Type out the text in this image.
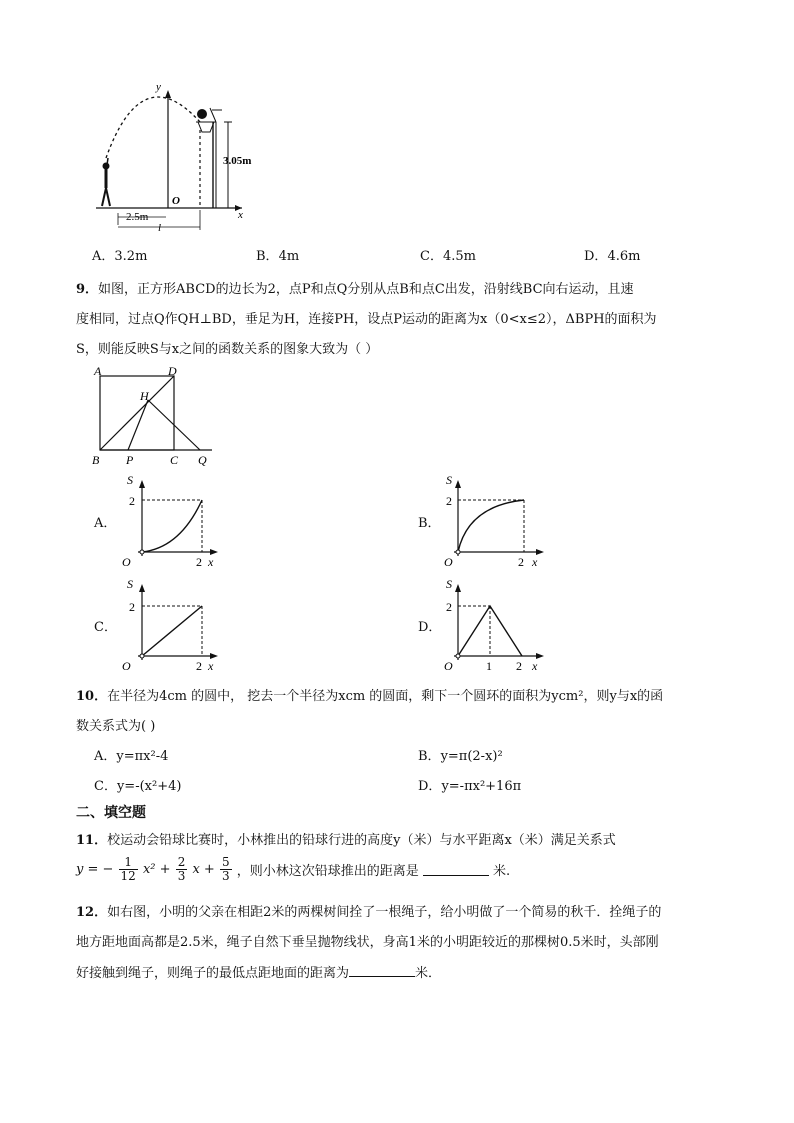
3.05m
y
O
x
2.5m
l
A．3.2m	B．4m	C．4.5m	D．4.6m
9．如图，正方形ABCD的边长为2，点P和点Q分别从点B和点C出发，沿射线BC向右运动，且速
度相同，过点Q作QH⊥BD，垂足为H，连接PH，设点P运动的距离为x（0<x≤2），ΔBPH的面积为
S，则能反映S与x之间的函数关系的图象大致为（ ）
A	D
H
B P	C Q
A．
S
2
O	2 x
B．
S
2
O	2 x
C．
S
2
O	2 x
D．
S
2
O	1 2 x
10．在半径为4cm 的圆中， 挖去一个半径为xcm 的圆面，剩下一个圆环的面积为ycm²，则y与x的函
数关系式为( )
A．y=πx²-4	B．y=π(2-x)²
C．y=-(x²+4)	D．y=-πx²+16π
二、填空题
11．校运动会铅球比赛时，小林推出的铅球行进的高度y（米）与水平距离x（米）满足关系式
y = − $\frac{1}{12} x^2 + \frac{2}{3}$ $x + \frac{5}{3}$ ，则小林这次铅球推出的距离是	米.
12．如右图，小明的父亲在相距2米的两棵树间拴了一根绳子，给小明做了一个简易的秋千．拴绳子的
地方距地面高都是2.5米，绳子自然下垂呈抛物线状，身高1米的小明距较近的那棵树0.5米时，头部刚
好接触到绳子，则绳子的最低点距地面的距离为	米．
